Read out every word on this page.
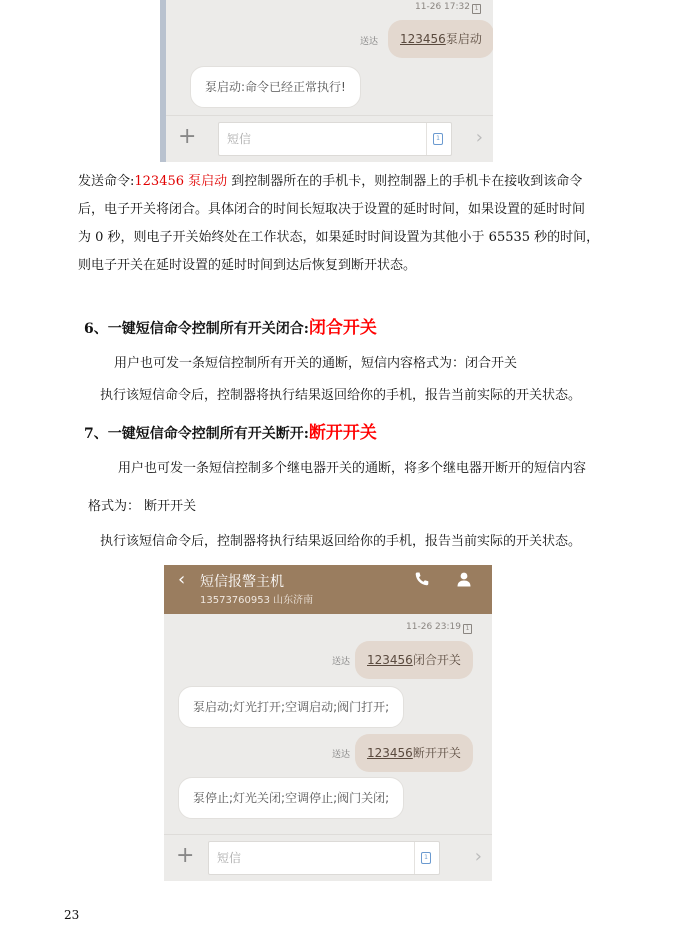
11-26 17:32 1
送达	123456泵启动
泵启动:命令已经正常执行!
+	短信	1 ›
发送命令:123456 泵启动 到控制器所在的手机卡，则控制器上的手机卡在接收到该命令
后，电子开关将闭合。具体闭合的时间长短取决于设置的延时时间，如果设置的延时时间
为 0 秒，则电子开关始终处在工作状态，如果延时时间设置为其他小于 65535 秒的时间，
则电子开关在延时设置的延时时间到达后恢复到断开状态。
6、一键短信命令控制所有开关闭合:闭合开关
用户也可发一条短信控制所有开关的通断，短信内容格式为：闭合开关
执行该短信命令后，控制器将执行结果返回给你的手机，报告当前实际的开关状态。
7、一键短信命令控制所有开关断开:断开开关
用户也可发一条短信控制多个继电器开关的通断，将多个继电器开断开的短信内容
格式为： 断开开关
执行该短信命令后，控制器将执行结果返回给你的手机，报告当前实际的开关状态。
‹ 短信报警主机
13573760953 山东济南
11-26 23:19 1
送达	123456闭合开关
泵启动;灯光打开;空调启动;阀门打开;
送达	123456断开开关
泵停止;灯光关闭;空调停止;阀门关闭;
+ 短信	1	›
23
